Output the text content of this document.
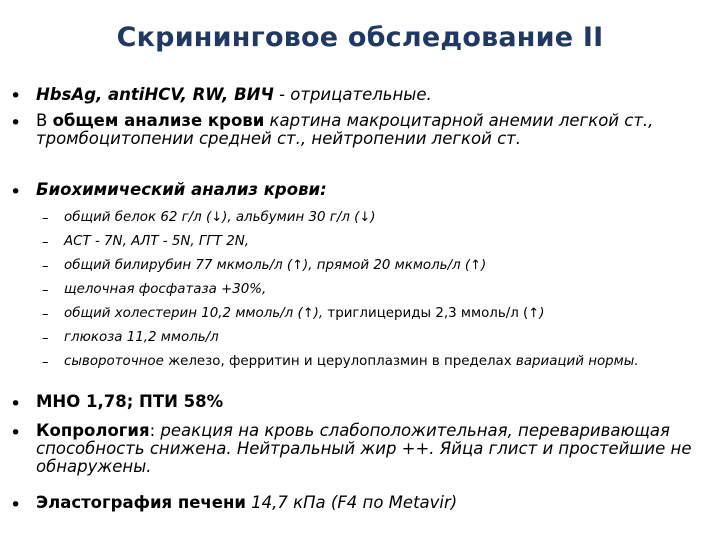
Скрининговое обследование II
• HbsAg, antiHCV, RW, ВИЧ - отрицательные.
• В общем анализе крови картина макроцитарной анемии легкой ст., тромбоцитопении средней ст., нейтропении легкой ст.
• Биохимический анализ крови:
– общий белок 62 г/л (↓), альбумин 30 г/л (↓)
– АСТ - 7N, АЛТ - 5N, ГГТ 2N,
– общий билирубин 77 мкмоль/л (↑), прямой 20 мкмоль/л (↑)
– щелочная фосфатаза +30%,
– общий холестерин 10,2 ммоль/л (↑), триглицериды 2,3 ммоль/л (↑)
– глюкоза 11,2 ммоль/л
– сывороточное железо, ферритин и церулоплазмин в пределах вариаций нормы.
• МНО 1,78; ПТИ 58%
• Копрология: реакция на кровь слабоположительная, переваривающая способность снижена. Нейтральный жир ++. Яйца глист и простейшие не обнаружены.
• Эластография печени 14,7 кПа (F4 по Metavir)
